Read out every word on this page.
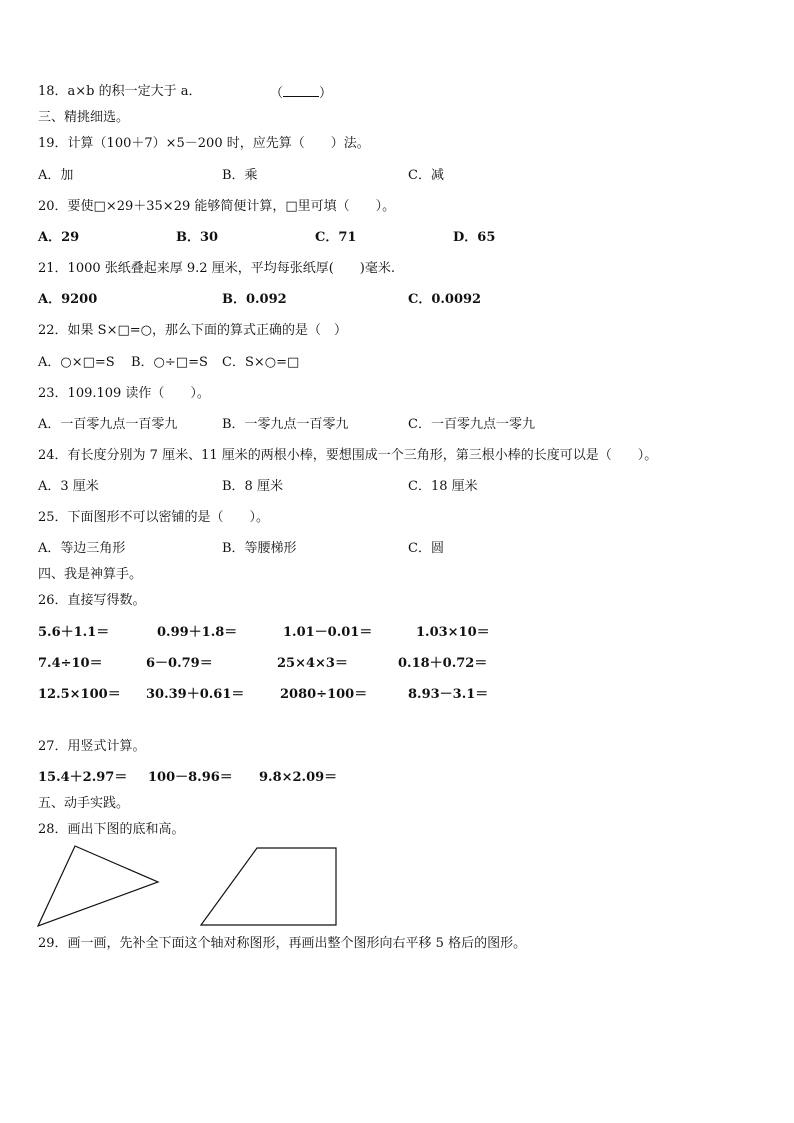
18．a×b 的积一定大于 a．	（	）
三、精挑细选。
19．计算（100＋7）×5－200 时，应先算（　　）法。
A．加	B．乘	C．减
20．要使□×29＋35×29 能够简便计算，□里可填（　　）。
A．29	B．30	C．71	D．65
21．1000 张纸叠起来厚 9.2 厘米，平均每张纸厚(　　)毫米.
A．9200	B．0.092	C．0.0092
22．如果 S×□=○，那么下面的算式正确的是（　）
A．○×□=S B．○÷□=S C．S×○=□
23．109.109 读作（　　）。
A．一百零九点一百零九	B．一零九点一百零九	C．一百零九点一零九
24．有长度分别为 7 厘米、11 厘米的两根小棒，要想围成一个三角形，第三根小棒的长度可以是（　　）。
A．3 厘米	B．8 厘米	C．18 厘米
25．下面图形不可以密铺的是（　　）。
A．等边三角形	B．等腰梯形	C．圆
四、我是神算手。
26．直接写得数。
5.6＋1.1＝	0.99＋1.8＝	1.01－0.01＝	1.03×10＝
7.4÷10＝	6－0.79＝	25×4×3＝	0.18＋0.72＝
12.5×100＝ 30.39＋0.61＝	2080÷100＝	8.93－3.1＝
27．用竖式计算。
15.4＋2.97＝ 100－8.96＝ 9.8×2.09＝
五、动手实践。
28．画出下图的底和高。
29．画一画，先补全下面这个轴对称图形，再画出整个图形向右平移 5 格后的图形。
